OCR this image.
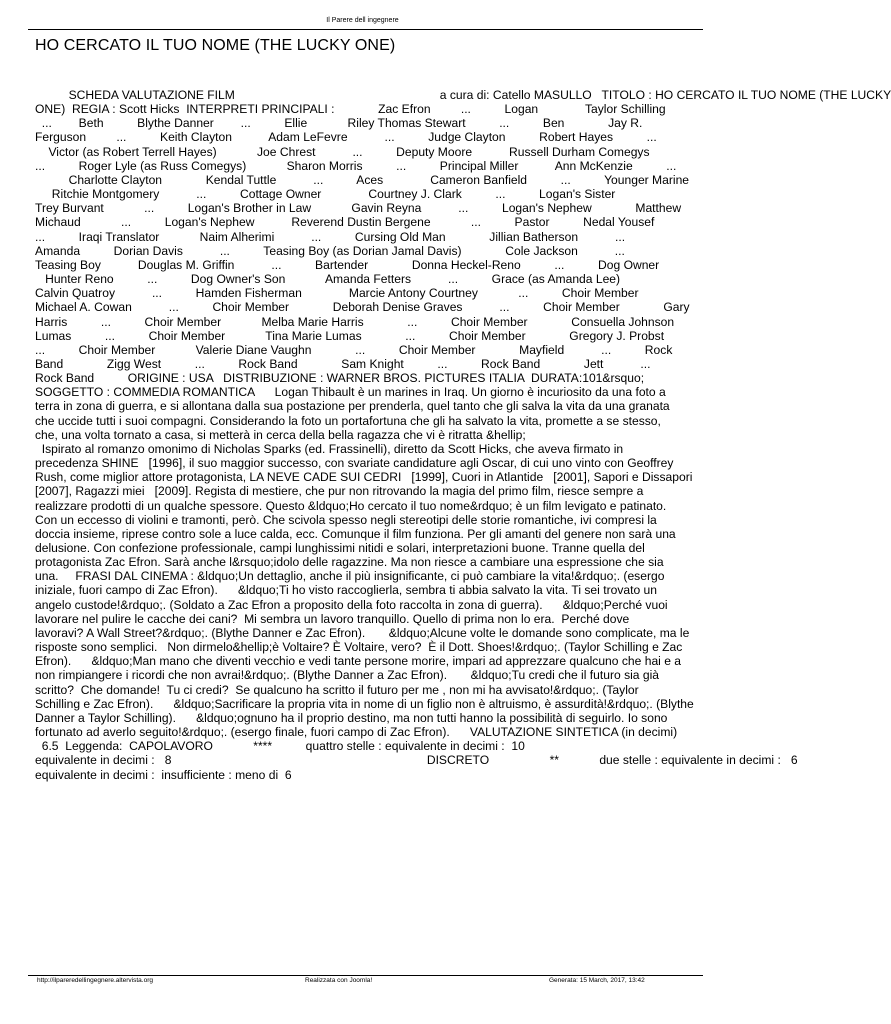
Il Parere dell ingegnere
HO CERCATO IL TUO NOME (THE LUCKY ONE)

SCHEDA VALUTAZIONE FILM                                                             a cura di: Catello MASULLO   TITOLO : HO CERCATO IL TUO NOME (THE LUCKY

ONE)  REGIA : Scott Hicks  INTERPRETI PRINCIPALI :             Zac Efron         ...          Logan              Taylor Schilling

...        Beth          Blythe Danner        ...          Ellie            Riley Thomas Stewart          ...          Ben             Jay R.

Ferguson         ...          Keith Clayton           Adam LeFevre           ...          Judge Clayton          Robert Hayes          ...

Victor (as Robert Terrell Hayes)            Joe Chrest           ...          Deputy Moore           Russell Durham Comegys

...          Roger Lyle (as Russ Comegys)            Sharon Morris          ...          Principal Miller           Ann McKenzie          ...

Charlotte Clayton             Kendal Tuttle           ...          Aces              Cameron Banfield          ...          Younger Marine

Ritchie Montgomery           ...          Cottage Owner              Courtney J. Clark          ...          Logan's Sister

Trey Burvant            ...          Logan's Brother in Law            Gavin Reyna           ...          Logan's Nephew             Matthew

Michaud            ...          Logan's Nephew           Reverend Dustin Bergene            ...          Pastor          Nedal Yousef

...          Iraqi Translator            Naim Alherimi           ...          Cursing Old Man             Jillian Batherson           ...

Amanda          Dorian Davis           ...          Teasing Boy (as Dorian Jamal Davis)             Cole Jackson           ...

Teasing Boy           Douglas M. Griffin           ...          Bartender             Donna Heckel-Reno          ...          Dog Owner

Hunter Reno          ...          Dog Owner's Son            Amanda Fetters           ...          Grace (as Amanda Lee)

Calvin Quatroy           ...          Hamden Fisherman              Marcie Antony Courtney            ...          Choir Member

Michael A. Cowan           ...          Choir Member             Deborah Denise Graves           ...          Choir Member             Gary

Harris          ...          Choir Member            Melba Marie Harris             ...          Choir Member             Consuella Johnson

Lumas          ...          Choir Member            Tina Marie Lumas             ...          Choir Member             Gregory J. Probst

...          Choir Member            Valerie Diane Vaughn             ...          Choir Member             Mayfield           ...          Rock

Band             Zigg West          ...          Rock Band             Sam Knight          ...          Rock Band             Jett           ...

Rock Band          ORIGINE : USA   DISTRIBUZIONE : WARNER BROS. PICTURES ITALIA  DURATA:101&rsquo;

SOGGETTO : COMMEDIA ROMANTICA      Logan Thibault è un marines in Iraq. Un giorno è incuriosito da una foto a

terra in zona di guerra, e si allontana dalla sua postazione per prenderla, quel tanto che gli salva la vita da una granata

che uccide tutti i suoi compagni. Considerando la foto un portafortuna che gli ha salvato la vita, promette a se stesso,

che, una volta tornato a casa, si metterà in cerca della bella ragazza che vi è ritratta &hellip;

Ispirato al romanzo omonimo di Nicholas Sparks (ed. Frassinelli), diretto da Scott Hicks, che aveva firmato in

precedenza SHINE   [1996], il suo maggior successo, con svariate candidature agli Oscar, di cui uno vinto con Geoffrey

Rush, come miglior attore protagonista, LA NEVE CADE SUI CEDRI   [1999], Cuori in Atlantide   [2001], Sapori e Dissapori

[2007], Ragazzi miei   [2009]. Regista di mestiere, che pur non ritrovando la magia del primo film, riesce sempre a

realizzare prodotti di un qualche spessore. Questo &ldquo;Ho cercato il tuo nome&rdquo; è un film levigato e patinato.

Con un eccesso di violini e tramonti, però. Che scivola spesso negli stereotipi delle storie romantiche, ivi compresi la

doccia insieme, riprese contro sole a luce calda, ecc. Comunque il film funziona. Per gli amanti del genere non sarà una

delusione. Con confezione professionale, campi lunghissimi nitidi e solari, interpretazioni buone. Tranne quella del

protagonista Zac Efron. Sarà anche l&rsquo;idolo delle ragazzine. Ma non riesce a cambiare una espressione che sia

una.     FRASI DAL CINEMA : &ldquo;Un dettaglio, anche il più insignificante, ci può cambiare la vita!&rdquo;. (esergo

iniziale, fuori campo di Zac Efron).      &ldquo;Ti ho visto raccoglierla, sembra ti abbia salvato la vita. Ti sei trovato un

angelo custode!&rdquo;. (Soldato a Zac Efron a proposito della foto raccolta in zona di guerra).      &ldquo;Perché vuoi

lavorare nel pulire le cacche dei cani?  Mi sembra un lavoro tranquillo. Quello di prima non lo era.  Perché dove

lavoravi? A Wall Street?&rdquo;. (Blythe Danner e Zac Efron).       &ldquo;Alcune volte le domande sono complicate, ma le

risposte sono semplici.   Non dirmelo&hellip;è Voltaire? È Voltaire, vero?  È il Dott. Shoes!&rdquo;. (Taylor Schilling e Zac

Efron).      &ldquo;Man mano che diventi vecchio e vedi tante persone morire, impari ad apprezzare qualcuno che hai e a

non rimpiangere i ricordi che non avrai!&rdquo;. (Blythe Danner a Zac Efron).       &ldquo;Tu credi che il futuro sia già

scritto?  Che domande!  Tu ci credi?  Se qualcuno ha scritto il futuro per me , non mi ha avvisato!&rdquo;. (Taylor

Schilling e Zac Efron).      &ldquo;Sacrificare la propria vita in nome di un figlio non è altruismo, è assurdità!&rdquo;. (Blythe

Danner a Taylor Schilling).      &ldquo;ognuno ha il proprio destino, ma non tutti hanno la possibilità di seguirlo. Io sono

fortunato ad averlo seguito!&rdquo;. (esergo finale, fuori campo di Zac Efron).      VALUTAZIONE SINTETICA (in decimi)

6.5  Leggenda:  CAPOLAVORO            ****          quattro stelle : equivalente in decimi :  10

equivalente in decimi :   8                                                                            DISCRETO                  **            due stelle : equivalente in decimi :   6

equivalente in decimi :  insufficiente : meno di  6

http://ilpareredellingegnere.altervista.org	Realizzata con Joomla!	Generata: 15 March, 2017, 13:42
